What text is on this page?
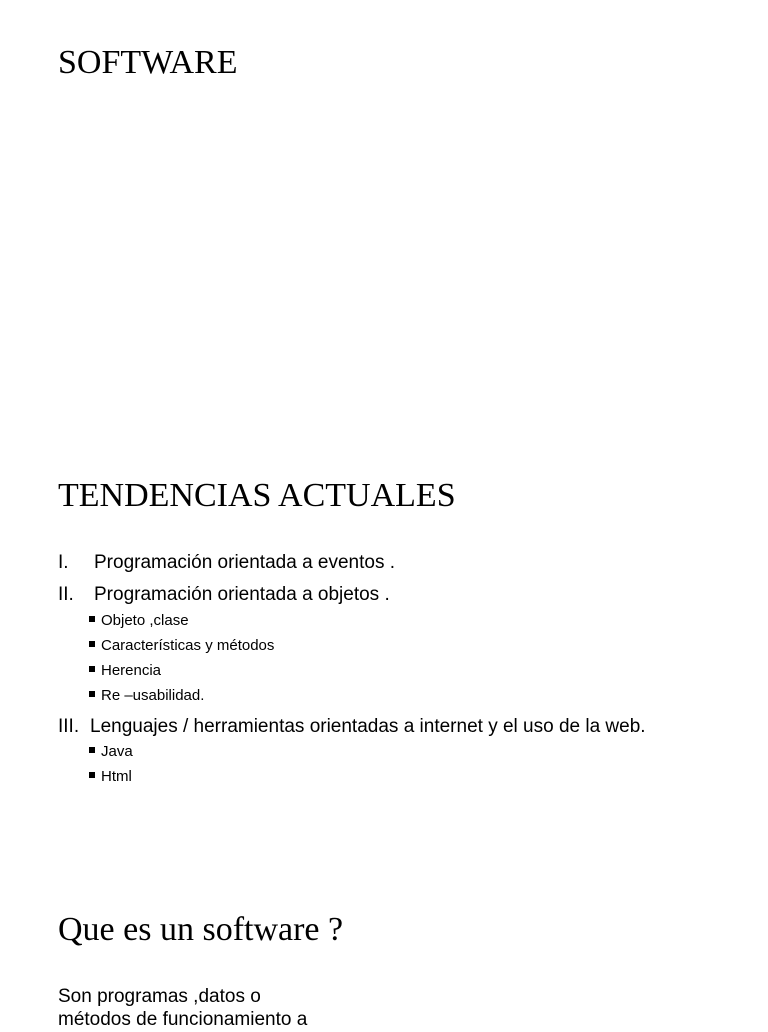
SOFTWARE
TENDENCIAS ACTUALES
I. Programación orientada a eventos .
II. Programación orientada a objetos .
Objeto ,clase
Características y métodos
Herencia
Re –usabilidad.
III. Lenguajes / herramientas orientadas a internet y el uso de la web.
Java
Html
Que es un software ?
Son programas ,datos o
métodos de funcionamiento a
